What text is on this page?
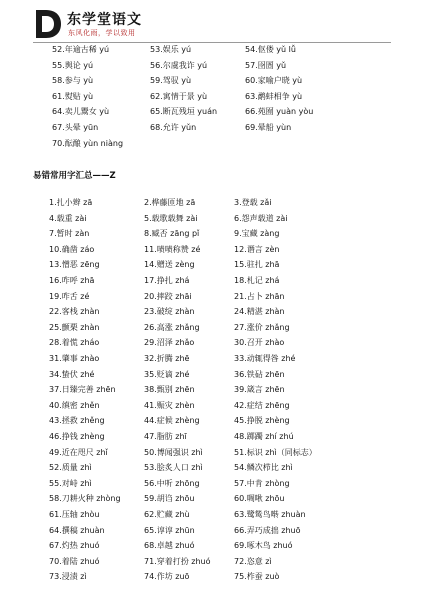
东学堂语文
东风化雨，学以致用
52.年逾古稀 yú	53.娱乐 yú	54.伛偻 yǔ lǚ
55.舆论 yú	56.尔虞我诈 yú	57.囹圄 yǔ
58.参与 yù	59.驾驭 yù	60.家喻户晓 yù
61.熨贴 yù	62.寓情于景 yù	63.鹬蚌相争 yù
64.卖儿鬻女 yù	65.断瓦残垣 yuán	66.苑囿 yuàn yòu
67.头晕 yūn	68.允许 yǔn	69.晕船 yùn
70.酝酿 yùn niàng
易错常用字汇总——Z
1.扎小辫 zā	2.桦藤匝地 zā	3.登载 zǎi
4.载重 zài	5.载歌载舞 zài	6.怨声载道 zài
7.暂时 zàn	8.臧否 zāng pǐ	9.宝藏 zàng
10.确凿 záo	11.啧啧称赞 zé	12.谮言 zèn
13.憎恶 zēng	14.赠送 zèng	15.驻扎 zhā
16.咋呼 zhā	17.挣扎 zhá	18.札记 zhá
19.咋舌 zé	20.摔跤 zhāi	21.占卜 zhān
22.客栈 zhàn	23.破绽 zhàn	24.精湛 zhàn
25.颤栗 zhàn	26.高涨 zhǎng	27.涨价 zhǎng
28.着慌 zháo	29.沼泽 zhǎo	30.召开 zhào
31.肇事 zhào	32.折腾 zhē	33.动辄得咎 zhé
34.蛰伏 zhé	35.贬谪 zhé	36.铁砧 zhēn
37.日臻完善 zhēn	38.甄别 zhēn	39.箴言 zhēn
40.缜密 zhěn	41.赈灾 zhèn	42.症结 zhēng
43.拯救 zhěng	44.症候 zhèng	45.挣脱 zhèng
46.挣钱 zhèng	47.脂肪 zhī	48.踯躅 zhí zhú
49.近在咫尺 zhǐ	50.博闻强识 zhì	51.标识 zhì（同标志）
52.质量 zhì	53.脍炙人口 zhì	54.鳞次栉比 zhì
55.对峙 zhì	56.中听 zhōng	57.中肯 zhòng
58.刀耕火种 zhòng	59.胡诌 zhōu	60.啁啾 zhōu
61.压轴 zhòu	62.贮藏 zhù	63.鹭鸶鸟啭 zhuàn
64.撰稿 zhuàn	65.谆谆 zhūn	66.弄巧成拙 zhuō
67.灼热 zhuó	68.卓越 zhuó	69.啄木鸟 zhuó
70.着陆 zhuó	71.穿着打扮 zhuó	72.恣意 zì
73.浸渍 zì	74.作坊 zuō	75.柞蚕 zuò
